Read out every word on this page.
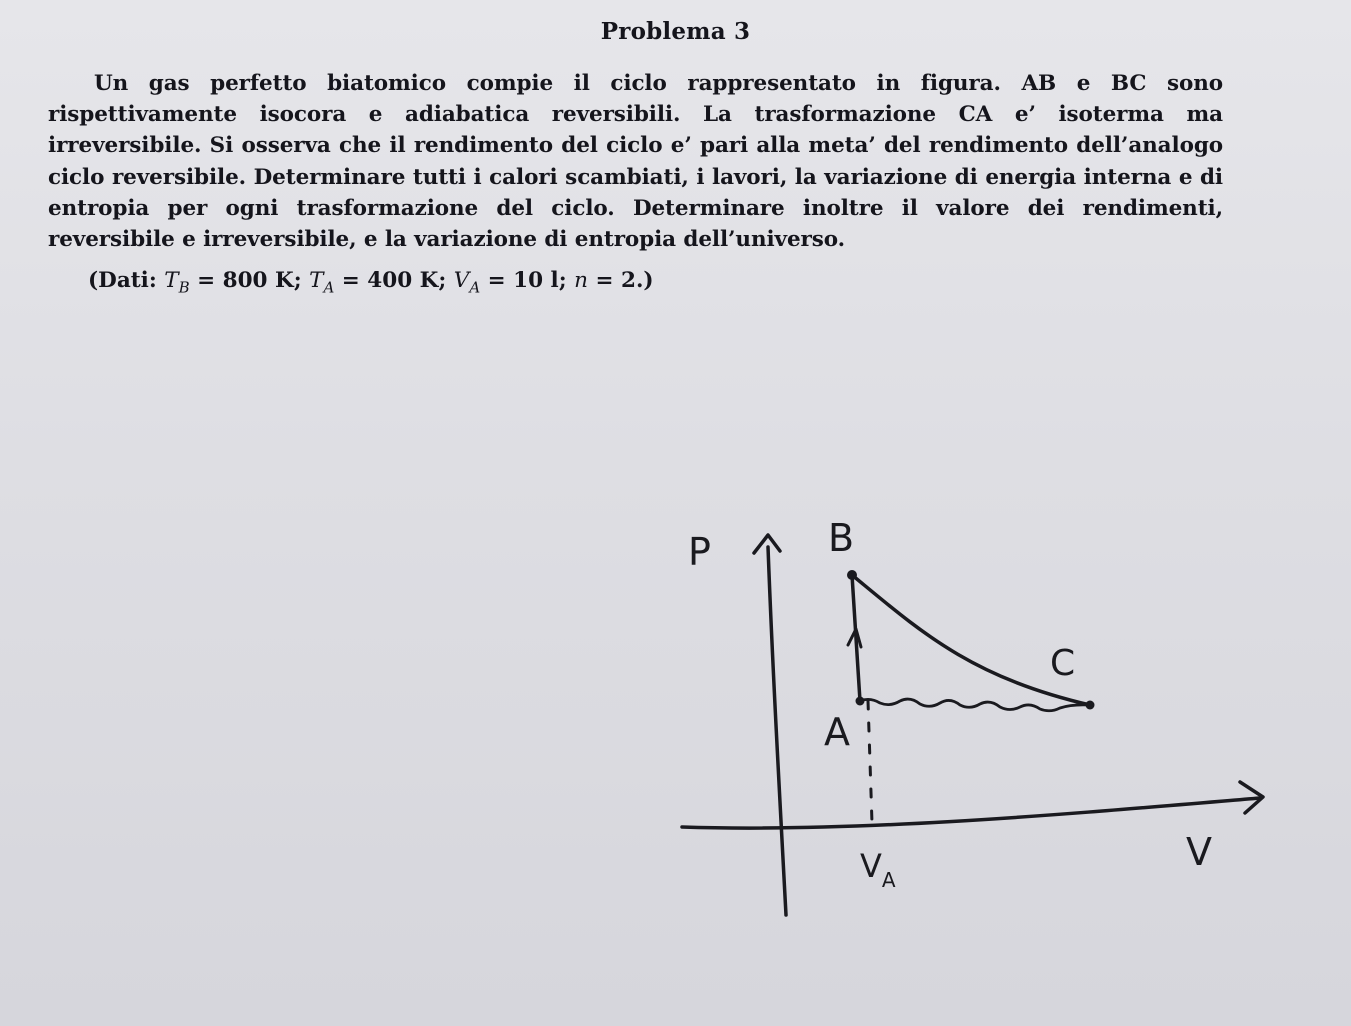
Problema 3

Un gas perfetto biatomico compie il ciclo rappresentato in figura. AB e BC sono rispettivamente isocora e adiabatica reversibili. La trasformazione CA e’ isoterma ma irreversibile. Si osserva che il rendimento del ciclo e’ pari alla meta’ del rendimento dell’analogo ciclo reversibile. Determinare tutti i calori scambiati, i lavori, la variazione di energia interna e di entropia per ogni trasformazione del ciclo. Determinare inoltre il valore dei rendimenti, reversibile e irreversibile, e la variazione di entropia dell’universo.

(Dati: $T_B = 800$ K; $T_A = 400$ K; $V_A = 10$ l; n = 2.)
P	B
C
A
V
$V_A$
